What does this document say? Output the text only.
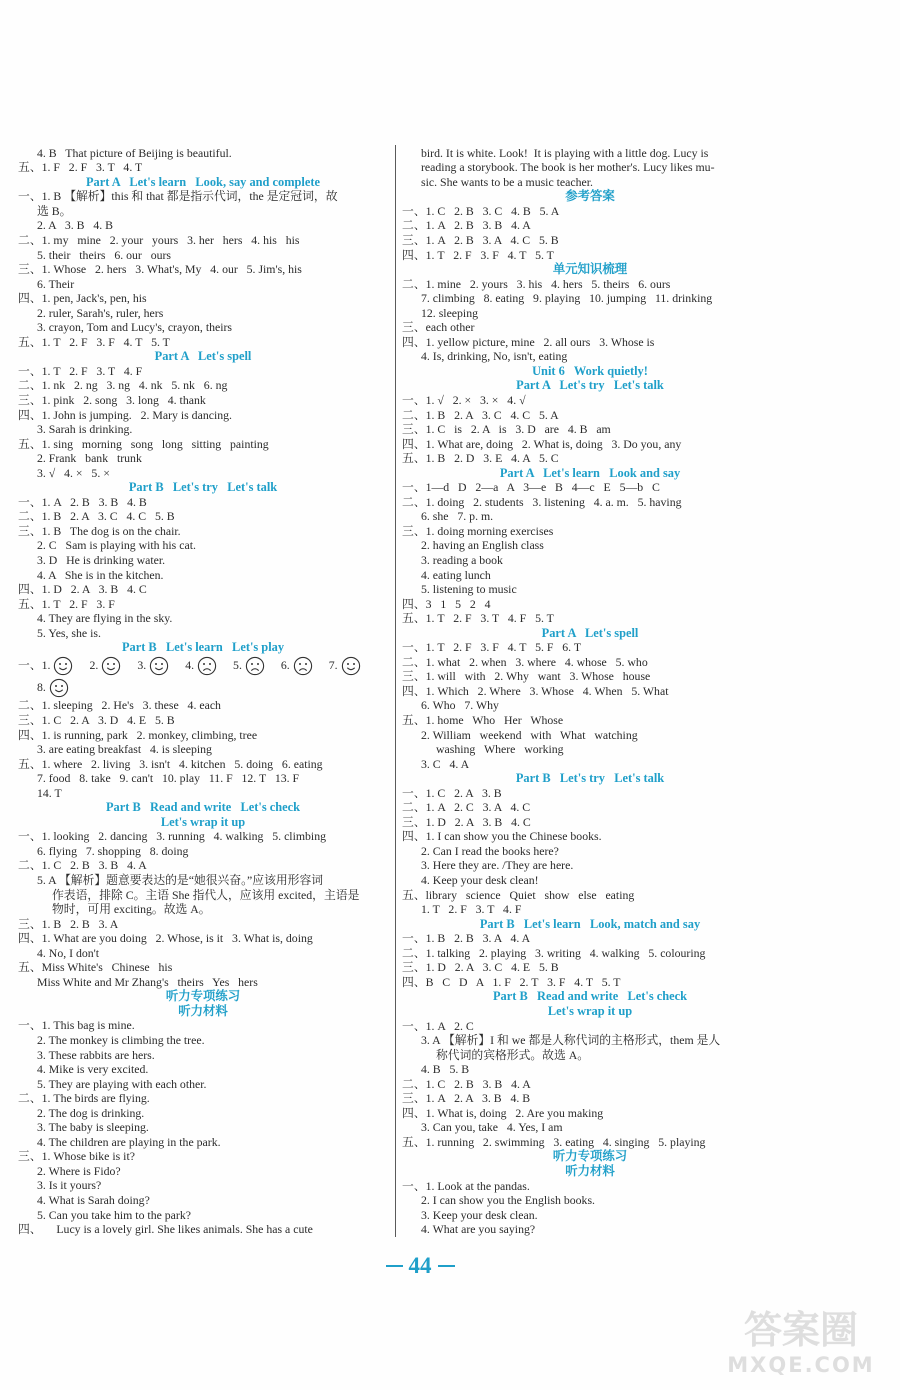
4. B   That picture of Beijing is beautiful.
五、1. F   2. F   3. T   4. T
Part A   Let's learn   Look, say and complete
一、1. B 【解析】this 和 that 都是指示代词，the 是定冠词，故
选 B。
2. A   3. B   4. B
二、1. my   mine   2. your   yours   3. her   hers   4. his   his
5. their   theirs   6. our   ours
三、1. Whose   2. hers   3. What's, My   4. our   5. Jim's, his
6. Their
四、1. pen, Jack's, pen, his
2. ruler, Sarah's, ruler, hers
3. crayon, Tom and Lucy's, crayon, theirs
五、1. T   2. F   3. F   4. T   5. T
Part A   Let's spell
一、1. T   2. F   3. T   4. F
二、1. nk   2. ng   3. ng   4. nk   5. nk   6. ng
三、1. pink   2. song   3. long   4. thank
四、1. John is jumping.   2. Mary is dancing.
3. Sarah is drinking.
五、1. sing   morning   song   long   sitting   painting
2. Frank   bank   trunk
3. √   4. ×   5. ×
Part B   Let's try   Let's talk
一、1. A   2. B   3. B   4. B
二、1. B   2. A   3. C   4. C   5. B
三、1. B   The dog is on the chair.
2. C   Sam is playing with his cat.
3. D   He is drinking water.
4. A   She is in the kitchen.
四、1. D   2. A   3. B   4. C
五、1. T   2. F   3. F
4. They are flying in the sky.
5. Yes, she is.
Part B   Let's learn   Let's play
一、 1.	2.	3.	4.	5.	6.	7.
8.
二、1. sleeping   2. He's   3. these   4. each
三、1. C   2. A   3. D   4. E   5. B
四、1. is running, park   2. monkey, climbing, tree
3. are eating breakfast   4. is sleeping
五、1. where   2. living   3. isn't   4. kitchen   5. doing   6. eating
7. food   8. take   9. can't   10. play   11. F   12. T   13. F
14. T
Part B   Read and write   Let's check
Let's wrap it up
一、1. looking   2. dancing   3. running   4. walking   5. climbing
6. flying   7. shopping   8. doing
二、1. C   2. B   3. B   4. A
5. A 【解析】题意要表达的是“她很兴奋。”应该用形容词
作表语，排除 C。主语 She 指代人，应该用 excited，主语是
物时，可用 exciting。故选 A。
三、1. B   2. B   3. A
四、1. What are you doing   2. Whose, is it   3. What is, doing
4. No, I don't
五、Miss White's   Chinese   his
Miss White and Mr Zhang's   theirs   Yes   hers
听力专项练习
听力材料
一、1. This bag is mine.
2. The monkey is climbing the tree.
3. These rabbits are hers.
4. Mike is very excited.
5. They are playing with each other.
二、1. The birds are flying.
2. The dog is drinking.
3. The baby is sleeping.
4. The children are playing in the park.
三、1. Whose bike is it?
2. Where is Fido?
3. Is it yours?
4. What is Sarah doing?
5. Can you take him to the park?
四、     Lucy is a lovely girl. She likes animals. She has a cute
bird. It is white. Look!  It is playing with a little dog. Lucy is
reading a storybook. The book is her mother's. Lucy likes mu-
sic. She wants to be a music teacher.
参考答案
一、1. C   2. B   3. C   4. B   5. A
二、1. A   2. B   3. B   4. A
三、1. A   2. B   3. A   4. C   5. B
四、1. T   2. F   3. F   4. T   5. T
单元知识梳理
二、1. mine   2. yours   3. his   4. hers   5. theirs   6. ours
7. climbing   8. eating   9. playing   10. jumping   11. drinking
12. sleeping
三、each other
四、1. yellow picture, mine   2. all ours   3. Whose is
4. Is, drinking, No, isn't, eating
Unit 6   Work quietly!
Part A   Let's try   Let's talk
一、1. √   2. ×   3. ×   4. √
二、1. B   2. A   3. C   4. C   5. A
三、1. C   is   2. A   is   3. D   are   4. B   am
四、1. What are, doing   2. What is, doing   3. Do you, any
五、1. B   2. D   3. E   4. A   5. C
Part A   Let's learn   Look and say
一、1—d   D   2—a   A   3—e   B   4—c   E   5—b   C
二、1. doing   2. students   3. listening   4. a. m.   5. having
6. she   7. p. m.
三、1. doing morning exercises
2. having an English class
3. reading a book
4. eating lunch
5. listening to music
四、3   1   5   2   4
五、1. T   2. F   3. T   4. F   5. T
Part A   Let's spell
一、1. T   2. F   3. F   4. T   5. F   6. T
二、1. what   2. when   3. where   4. whose   5. who
三、1. will   with   2. Why   want   3. Whose   house
四、1. Which   2. Where   3. Whose   4. When   5. What
6. Who   7. Why
五、1. home   Who   Her   Whose
2. William   weekend   with   What   watching
washing   Where   working
3. C   4. A
Part B   Let's try   Let's talk
一、1. C   2. A   3. B
二、1. A   2. C   3. A   4. C
三、1. D   2. A   3. B   4. C
四、1. I can show you the Chinese books.
2. Can I read the books here?
3. Here they are. /They are here.
4. Keep your desk clean!
五、library   science   Quiet   show   else   eating
1. T   2. F   3. T   4. F
Part B   Let's learn   Look, match and say
一、1. B   2. B   3. A   4. A
二、1. talking   2. playing   3. writing   4. walking   5. colouring
三、1. D   2. A   3. C   4. E   5. B
四、B   C   D   A   1. F   2. T   3. F   4. T   5. T
Part B   Read and write   Let's check
Let's wrap it up
一、1. A   2. C
3. A 【解析】I 和 we 都是人称代词的主格形式，them 是人
称代词的宾格形式。故选 A。
4. B   5. B
二、1. C   2. B   3. B   4. A
三、1. A   2. A   3. B   4. B
四、1. What is, doing   2. Are you making
3. Can you, take   4. Yes, I am
五、1. running   2. swimming   3. eating   4. singing   5. playing
听力专项练习
听力材料
一、1. Look at the pandas.
2. I can show you the English books.
3. Keep your desk clean.
4. What are you saying?
44
答案圈
MXQE.COM
